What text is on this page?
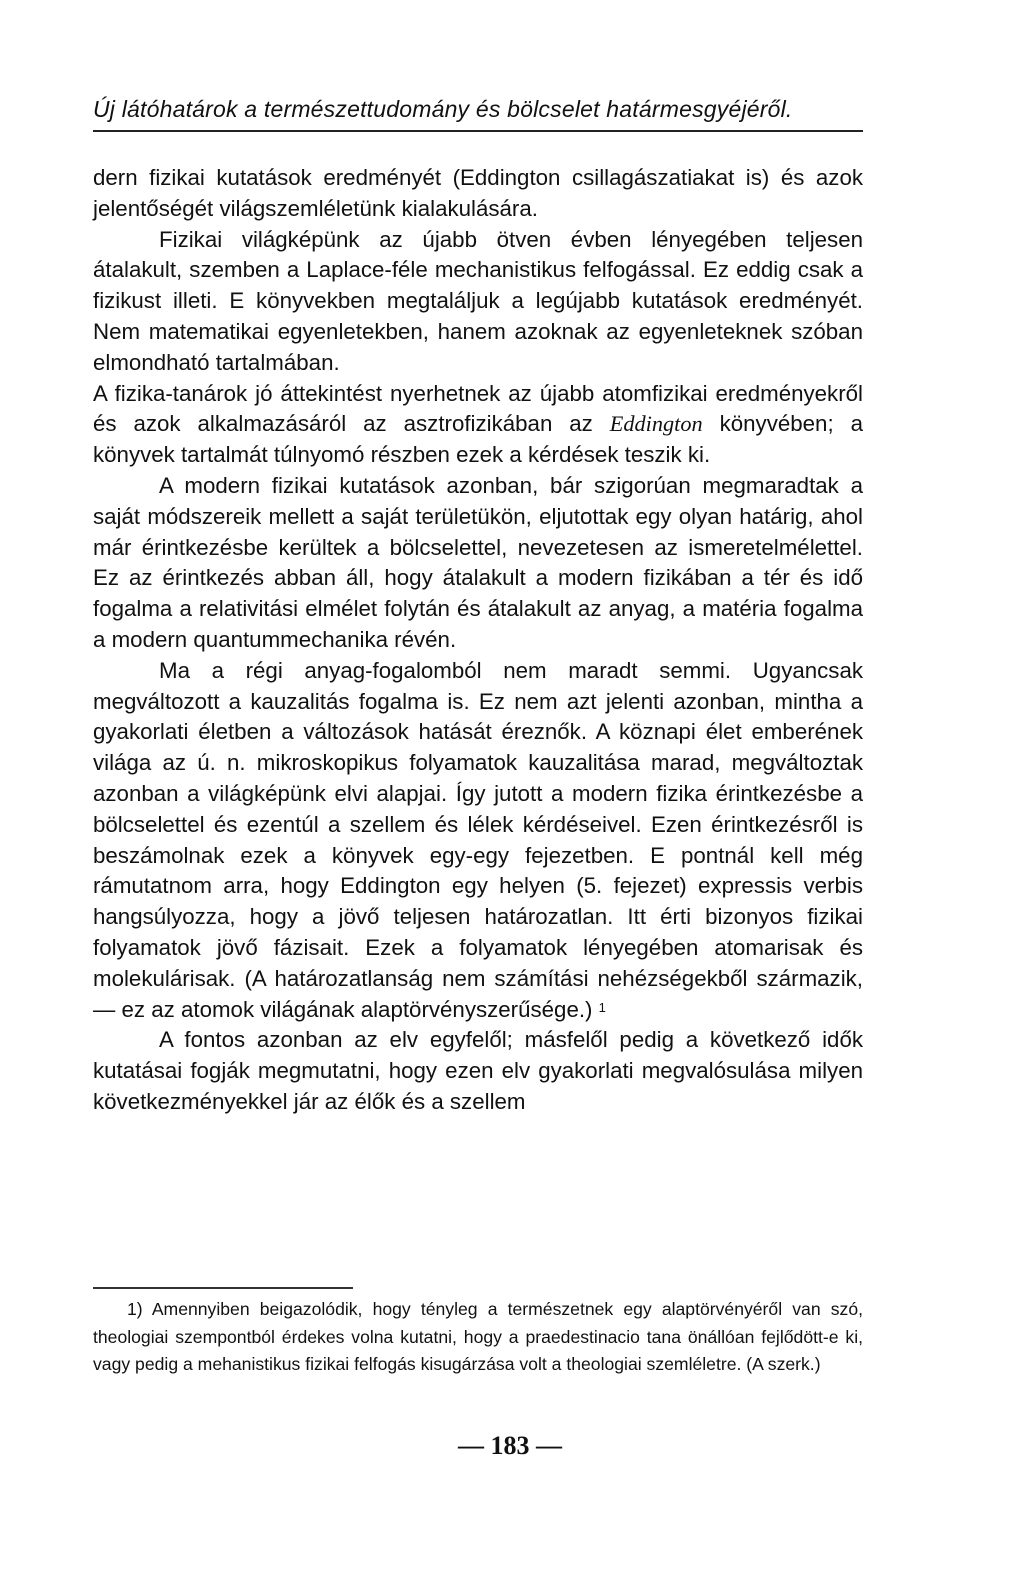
Új látóhatárok a természettudomány és bölcselet határmesgyéjéről.

dern fizikai kutatások eredményét (Eddington csillagászatiakat is) és azok jelentőségét világszemléletünk kialakulására.

Fizikai világképünk az újabb ötven évben lényegében teljesen átalakult, szemben a Laplace-féle mechanistikus felfogással. Ez eddig csak a fizikust illeti. E könyvekben megtaláljuk a legújabb kutatások eredményét. Nem matematikai egyenletekben, hanem azoknak az egyenleteknek szóban elmondható tartalmában.

A fizika-tanárok jó áttekintést nyerhetnek az újabb atomfizikai eredményekről és azok alkalmazásáról az asztrofizikában az Eddington könyvében; a könyvek tartalmát túlnyomó részben ezek a kérdések teszik ki.

A modern fizikai kutatások azonban, bár szigorúan megmaradtak a saját módszereik mellett a saját területükön, eljutottak egy olyan határig, ahol már érintkezésbe kerültek a bölcselettel, nevezetesen az ismeretelmélettel. Ez az érintkezés abban áll, hogy átalakult a modern fizikában a tér és idő fogalma a relativitási elmélet folytán és átalakult az anyag, a matéria fogalma a modern quantummechanika révén.

Ma a régi anyag-fogalomból nem maradt semmi. Ugyancsak megváltozott a kauzalitás fogalma is. Ez nem azt jelenti azonban, mintha a gyakorlati életben a változások hatását éreznők. A köznapi élet emberének világa az ú. n. mikroskopikus folyamatok kauzalitása marad, megváltoztak azonban a világképünk elvi alapjai. Így jutott a modern fizika érintkezésbe a bölcselettel és ezentúl a szellem és lélek kérdéseivel. Ezen érintkezésről is beszámolnak ezek a könyvek egy-egy fejezetben. E pontnál kell még rámutatnom arra, hogy Eddington egy helyen (5. fejezet) expressis verbis hangsúlyozza, hogy a jövő teljesen határozatlan. Itt érti bizonyos fizikai folyamatok jövő fázisait. Ezek a folyamatok lényegében atomarisak és molekulárisak. (A határozatlanság nem számítási nehézségekből származik, — ez az atomok világának alaptörvényszerűsége.) $^1$

A fontos azonban az elv egyfelől; másfelől pedig a következő idők kutatásai fogják megmutatni, hogy ezen elv gyakorlati megvalósulása milyen következményekkel jár az élők és a szellem

1) Amennyiben beigazolódik, hogy tényleg a természetnek egy alaptörvényéről van szó, theologiai szempontból érdekes volna kutatni, hogy a praedestinacio tana önállóan fejlődött-e ki, vagy pedig a mehanistikus fizikai felfogás kisugárzása volt a theologiai szemléletre. (A szerk.)
— 183 —
